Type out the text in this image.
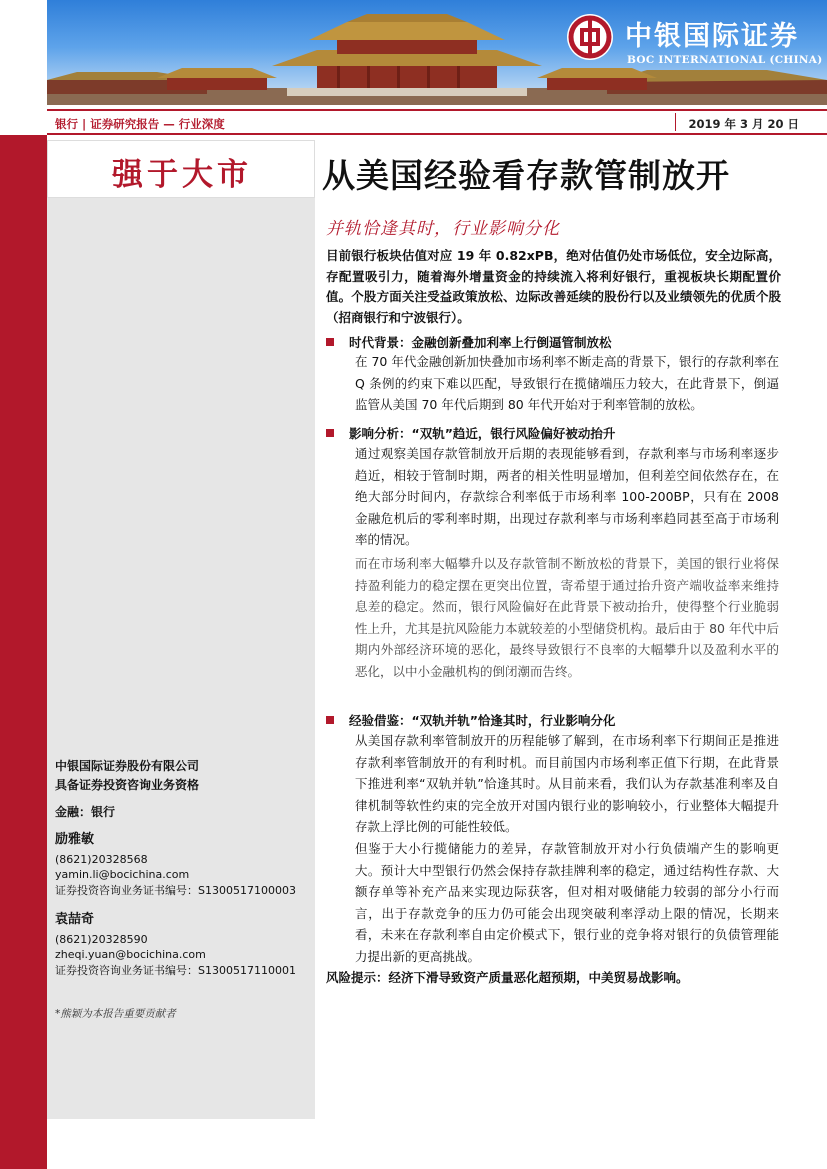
中银国际证券
BOC INTERNATIONAL (CHINA)
银行 | 证券研究报告 — 行业深度	2019 年 3 月 20 日
强于大市
中银国际证券股份有限公司
具备证券投资咨询业务资格
金融：银行
励雅敏
(8621)20328568
yamin.li@bocichina.com
证券投资咨询业务证书编号：S1300517100003
袁喆奇
(8621)20328590
zheqi.yuan@bocichina.com
证券投资咨询业务证书编号：S1300517110001
*熊颖为本报告重要贡献者
从美国经验看存款管制放开
并轨恰逢其时，行业影响分化
目前银行板块估值对应 19 年 0.82xPB，绝对估值仍处市场低位，安全边际高，存配置吸引力，随着海外增量资金的持续流入将利好银行，重视板块长期配置价值。个股方面关注受益政策放松、边际改善延续的股份行以及业绩领先的优质个股（招商银行和宁波银行）。
时代背景：金融创新叠加利率上行倒逼管制放松
在 70 年代金融创新加快叠加市场利率不断走高的背景下，银行的存款利率在 Q 条例的约束下难以匹配，导致银行在揽储端压力较大，在此背景下，倒逼监管从美国 70 年代后期到 80 年代开始对于利率管制的放松。
影响分析：“双轨”趋近，银行风险偏好被动抬升
通过观察美国存款管制放开后期的表现能够看到，存款利率与市场利率逐步趋近，相较于管制时期，两者的相关性明显增加，但利差空间依然存在，在绝大部分时间内，存款综合利率低于市场利率 100-200BP，只有在 2008 金融危机后的零利率时期，出现过存款利率与市场利率趋同甚至高于市场利率的情况。
而在市场利率大幅攀升以及存款管制不断放松的背景下，美国的银行业将保持盈利能力的稳定摆在更突出位置，寄希望于通过抬升资产端收益率来维持息差的稳定。然而，银行风险偏好在此背景下被动抬升，使得整个行业脆弱性上升，尤其是抗风险能力本就较差的小型储贷机构。最后由于 80 年代中后期内外部经济环境的恶化，最终导致银行不良率的大幅攀升以及盈利水平的恶化，以中小金融机构的倒闭潮而告终。
经验借鉴：“双轨并轨”恰逢其时，行业影响分化
从美国存款利率管制放开的历程能够了解到，在市场利率下行期间正是推进存款利率管制放开的有利时机。而目前国内市场利率正值下行期，在此背景下推进利率“双轨并轨”恰逢其时。从目前来看，我们认为存款基准利率及自律机制等软性约束的完全放开对国内银行业的影响较小，行业整体大幅提升存款上浮比例的可能性较低。
但鉴于大小行揽储能力的差异，存款管制放开对小行负债端产生的影响更大。预计大中型银行仍然会保持存款挂牌利率的稳定，通过结构性存款、大额存单等补充产品来实现边际获客，但对相对吸储能力较弱的部分小行而言，出于存款竞争的压力仍可能会出现突破利率浮动上限的情况，长期来看，未来在存款利率自由定价模式下，银行业的竞争将对银行的负债管理能力提出新的更高挑战。
风险提示：经济下滑导致资产质量恶化超预期，中美贸易战影响。
